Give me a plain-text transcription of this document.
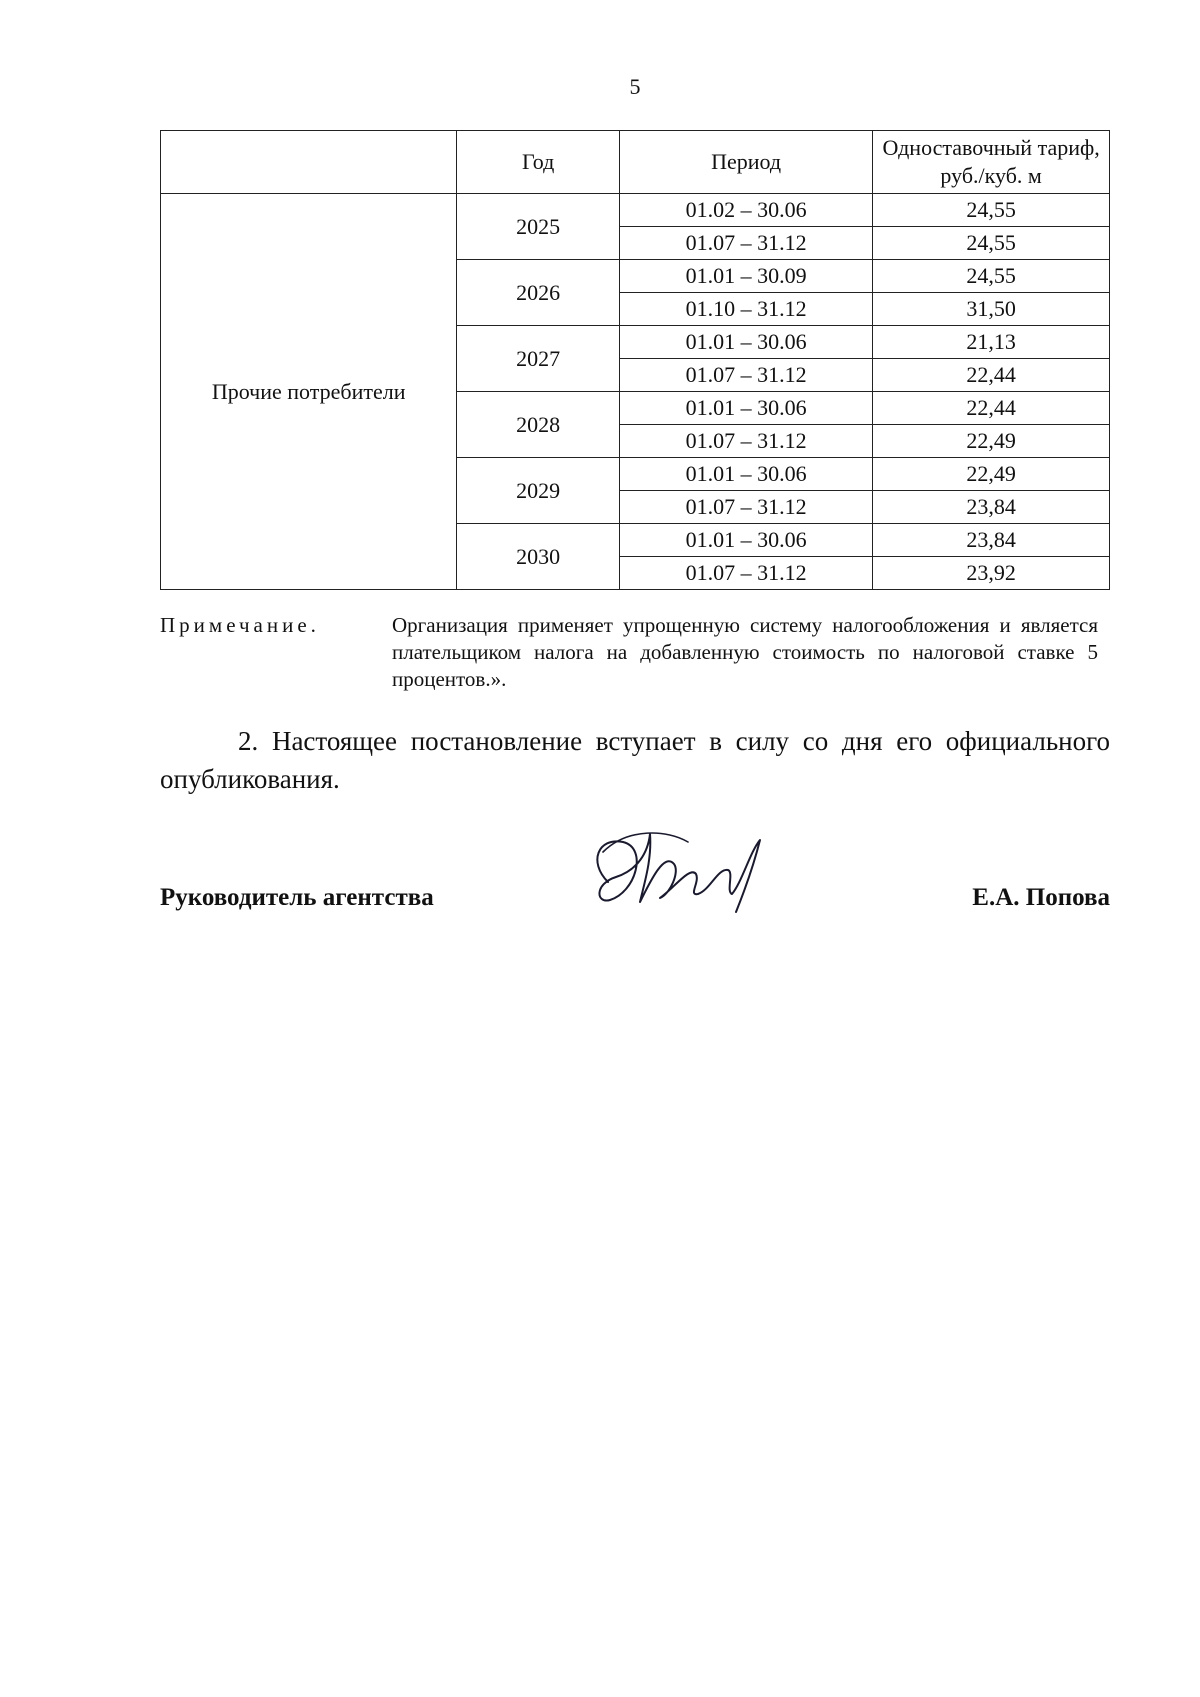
5
	Год	Период	Одноставочный тариф, руб./куб. м
Прочие потребители	2025	01.02 – 30.06	24,55
		01.07 – 31.12	24,55
	2026	01.01 – 30.09	24,55
		01.10 – 31.12	31,50
	2027	01.01 – 30.06	21,13
		01.07 – 31.12	22,44
	2028	01.01 – 30.06	22,44
		01.07 – 31.12	22,49
	2029	01.01 – 30.06	22,49
		01.07 – 31.12	23,84
	2030	01.01 – 30.06	23,84
		01.07 – 31.12	23,92
Примечание.	Организация применяет упрощенную систему налогообложения и является плательщиком налога на добавленную стоимость по налоговой ставке 5 процентов.».
2. Настоящее постановление вступает в силу со дня его официального опубликования.
Руководитель агентства	Е.А. Попова
